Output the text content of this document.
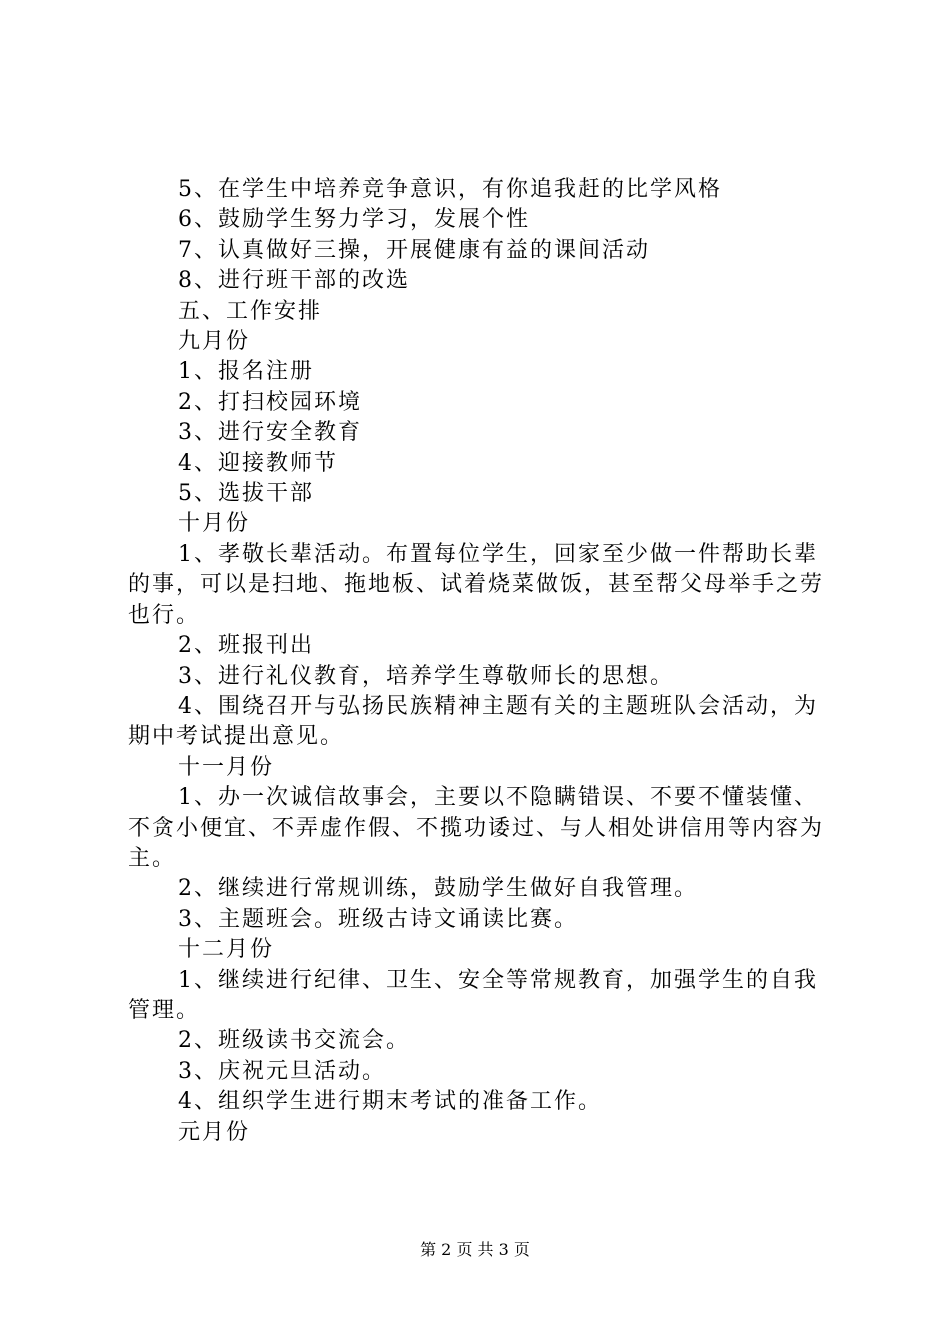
5、在学生中培养竞争意识，有你追我赶的比学风格

6、鼓励学生努力学习，发展个性

7、认真做好三操，开展健康有益的课间活动

8、进行班干部的改选

五、工作安排

九月份

1、报名注册

2、打扫校园环境

3、进行安全教育

4、迎接教师节

5、选拔干部

十月份

1、孝敬长辈活动。布置每位学生，回家至少做一件帮助长辈的事，可以是扫地、拖地板、试着烧菜做饭，甚至帮父母举手之劳也行。

2、班报刊出

3、进行礼仪教育，培养学生尊敬师长的思想。

4、围绕召开与弘扬民族精神主题有关的主题班队会活动，为期中考试提出意见。

十一月份

1、办一次诚信故事会，主要以不隐瞒错误、不要不懂装懂、不贪小便宜、不弄虚作假、不揽功诿过、与人相处讲信用等内容为主。

2、继续进行常规训练，鼓励学生做好自我管理。

3、主题班会。班级古诗文诵读比赛。

十二月份

1、继续进行纪律、卫生、安全等常规教育，加强学生的自我管理。

2、班级读书交流会。

3、庆祝元旦活动。

4、组织学生进行期末考试的准备工作。

元月份

第 2 页 共 3 页
